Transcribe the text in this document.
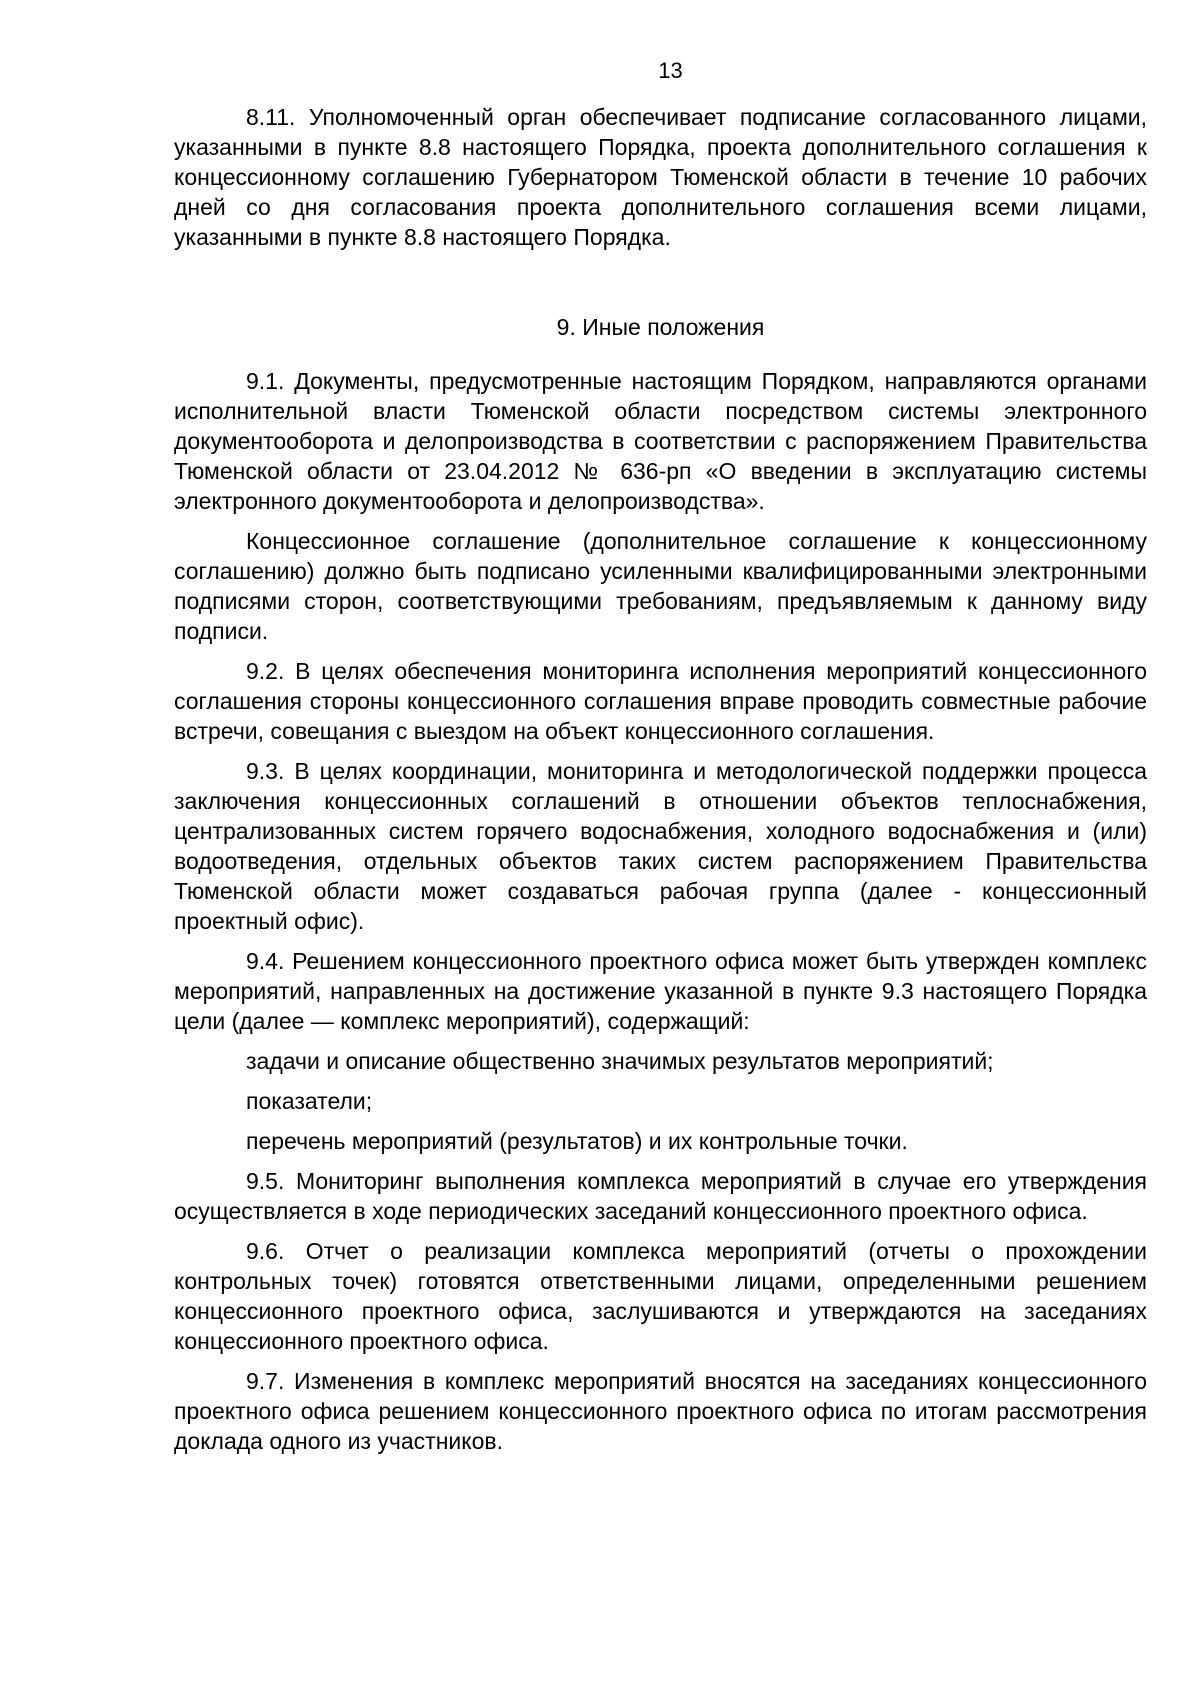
13

8.11. Уполномоченный орган обеспечивает подписание согласованного лицами, указанными в пункте 8.8 настоящего Порядка, проекта дополнительного соглашения к концессионному соглашению Губернатором Тюменской области в течение 10 рабочих дней со дня согласования проекта дополнительного соглашения всеми лицами, указанными в пункте 8.8 настоящего Порядка.

9. Иные положения

9.1. Документы, предусмотренные настоящим Порядком, направляются органами исполнительной власти Тюменской области посредством системы электронного документооборота и делопроизводства в соответствии с распоряжением Правительства Тюменской области от 23.04.2012 № 636-рп «О введении в эксплуатацию системы электронного документооборота и делопроизводства».

Концессионное соглашение (дополнительное соглашение к концессионному соглашению) должно быть подписано усиленными квалифицированными электронными подписями сторон, соответствующими требованиям, предъявляемым к данному виду подписи.

9.2. В целях обеспечения мониторинга исполнения мероприятий концессионного соглашения стороны концессионного соглашения вправе проводить совместные рабочие встречи, совещания с выездом на объект концессионного соглашения.

9.3. В целях координации, мониторинга и методологической поддержки процесса заключения концессионных соглашений в отношении объектов теплоснабжения, централизованных систем горячего водоснабжения, холодного водоснабжения и (или) водоотведения, отдельных объектов таких систем распоряжением Правительства Тюменской области может создаваться рабочая группа (далее - концессионный проектный офис).

9.4. Решением концессионного проектного офиса может быть утвержден комплекс мероприятий, направленных на достижение указанной в пункте 9.3 настоящего Порядка цели (далее — комплекс мероприятий), содержащий:

задачи и описание общественно значимых результатов мероприятий;

показатели;

перечень мероприятий (результатов) и их контрольные точки.

9.5. Мониторинг выполнения комплекса мероприятий в случае его утверждения осуществляется в ходе периодических заседаний концессионного проектного офиса.

9.6. Отчет о реализации комплекса мероприятий (отчеты о прохождении контрольных точек) готовятся ответственными лицами, определенными решением концессионного проектного офиса, заслушиваются и утверждаются на заседаниях концессионного проектного офиса.

9.7. Изменения в комплекс мероприятий вносятся на заседаниях концессионного проектного офиса решением концессионного проектного офиса по итогам рассмотрения доклада одного из участников.
